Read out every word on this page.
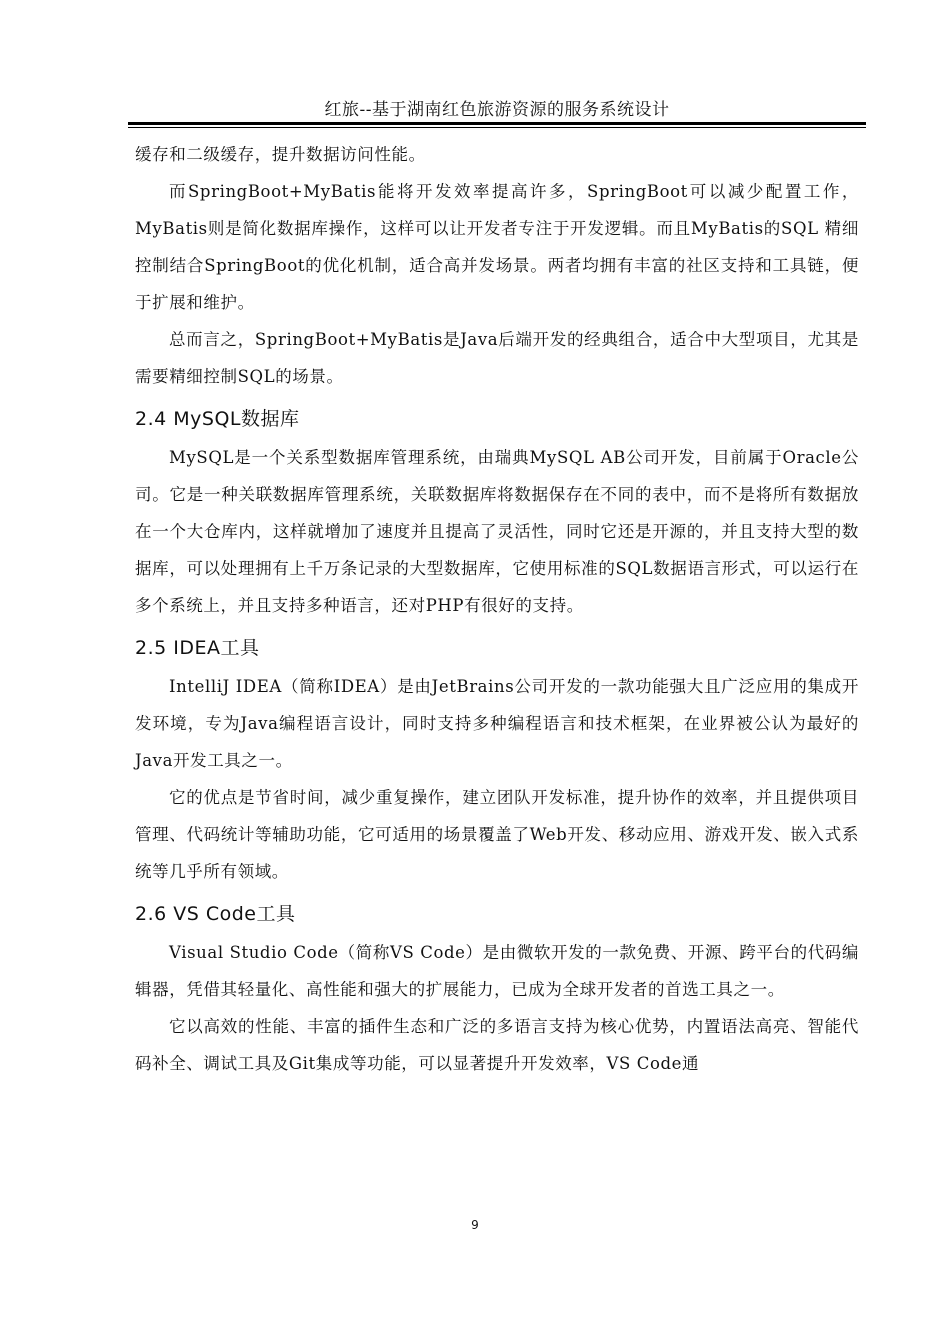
红旅--基于湖南红色旅游资源的服务系统设计

缓存和二级缓存，提升数据访问性能。

而SpringBoot+MyBatis能将开发效率提高许多，SpringBoot可以减少配置工作，MyBatis则是简化数据库操作，这样可以让开发者专注于开发逻辑。而且MyBatis的SQL 精细控制结合SpringBoot的优化机制，适合高并发场景。两者均拥有丰富的社区支持和工具链，便于扩展和维护。

总而言之，SpringBoot+MyBatis是Java后端开发的经典组合，适合中大型项目，尤其是需要精细控制SQL的场景。

2.4 MySQL数据库

MySQL是一个关系型数据库管理系统，由瑞典MySQL AB公司开发，目前属于Oracle公司。它是一种关联数据库管理系统，关联数据库将数据保存在不同的表中，而不是将所有数据放在一个大仓库内，这样就增加了速度并且提高了灵活性，同时它还是开源的，并且支持大型的数据库，可以处理拥有上千万条记录的大型数据库，它使用标准的SQL数据语言形式，可以运行在多个系统上，并且支持多种语言，还对PHP有很好的支持。

2.5 IDEA工具

IntelliJ IDEA（简称IDEA）是由JetBrains公司开发的一款功能强大且广泛应用的集成开发环境，专为Java编程语言设计，同时支持多种编程语言和技术框架，在业界被公认为最好的Java开发工具之一。

它的优点是节省时间，减少重复操作，建立团队开发标准，提升协作的效率，并且提供项目管理、代码统计等辅助功能，它可适用的场景覆盖了Web开发、移动应用、游戏开发、嵌入式系统等几乎所有领域。

2.6 VS Code工具

Visual Studio Code（简称VS Code）是由微软开发的一款免费、开源、跨平台的代码编辑器，凭借其轻量化、高性能和强大的扩展能力，已成为全球开发者的首选工具之一。

它以高效的性能、丰富的插件生态和广泛的多语言支持为核心优势，内置语法高亮、智能代码补全、调试工具及Git集成等功能，可以显著提升开发效率，VS Code通

9
